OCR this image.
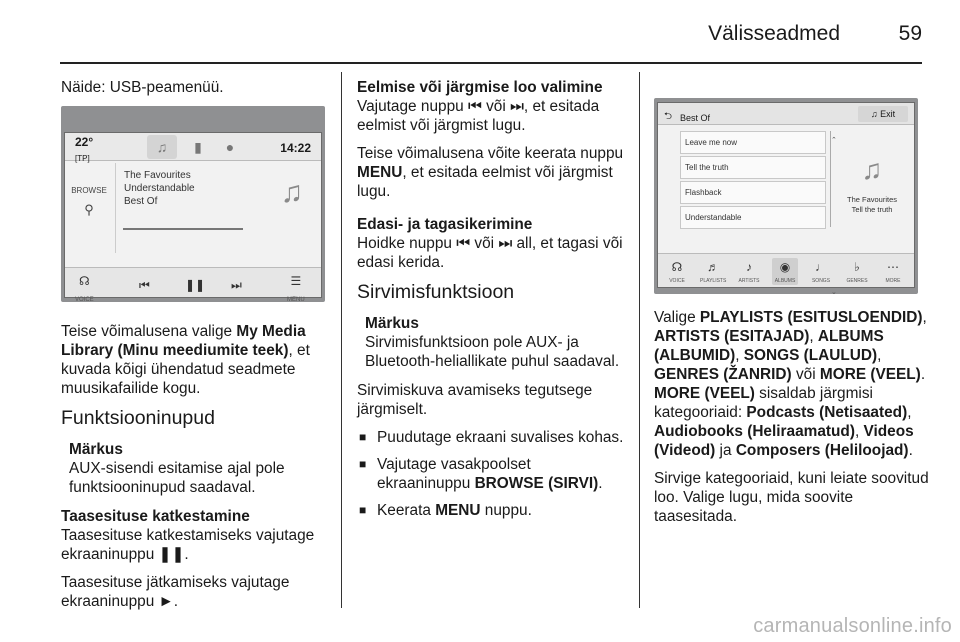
Välisseadmed	59

Näide: USB-peamenüü.

22°
[TP]
♫	▮	●	14:22
BROWSE
⚲
The Favourites
Understandable
Best Of	♫
☊
VOICE
⏮	❚❚ ⏭	☰
MENU

Teise võimalusena valige My Media Library (Minu meediumite teek), et kuvada kõigi ühendatud seadmete muusikafailide kogu.

Funktsiooninupud
Märkus
AUX-sisendi esitamise ajal pole funktsiooninupud saadaval.

Taasesituse katkestamine
Taasesituse katkestamiseks vajutage ekraaninuppu ❚❚.

Taasesituse jätkamiseks vajutage ekraaninuppu ►.

Eelmise või järgmise loo valimine
Vajutage nuppu ⏮ või ⏭, et esitada eelmist või järgmist lugu.

Teise võimalusena võite keerata nuppu MENU, et esitada eelmist või järgmist lugu.

Edasi- ja tagasikerimine
Hoidke nuppu ⏮ või ⏭ all, et tagasi või edasi kerida.

Sirvimisfunktsioon
Märkus
Sirvimisfunktsioon pole AUX- ja Bluetooth-heliallikate puhul saadaval.

Sirvimiskuva avamiseks tegutsege järgmiselt.

■ Puudutage ekraani suvalises kohas.
■ Vajutage vasakpoolset ekraaninuppu BROWSE (SIRVI).
■ Keerata MENU nuppu.
⮌ Best Of	♫ Exit
Leave me now
Tell the truth
Flashback
Understandable
⌃

⌄
♫
The Favourites
Tell the truth
☊
VOICE
♬
PLAYLISTS
♪
ARTISTS
◉
ALBUMS
♩
SONGS
♭
GENRES
⋯
MORE

Valige PLAYLISTS (ESITUSLOENDID), ARTISTS (ESITAJAD), ALBUMS (ALBUMID), SONGS (LAULUD), GENRES (ŽANRID) või MORE (VEEL). MORE (VEEL) sisaldab järgmisi kategooriaid: Podcasts (Netisaated), Audiobooks (Heliraamatud), Videos (Videod) ja Composers (Heliloojad).

Sirvige kategooriaid, kuni leiate soovitud loo. Valige lugu, mida soovite taasesitada.

carmanualsonline.info
